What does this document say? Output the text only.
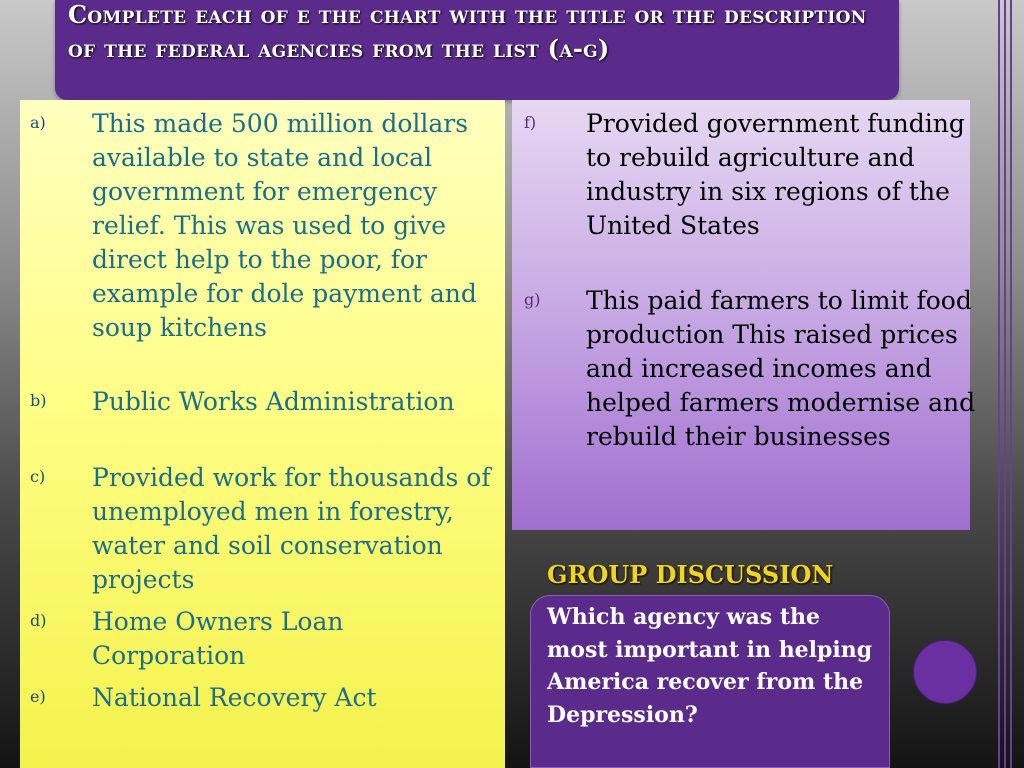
Complete each of e the chart with the title or the description of the federal agencies from the list (a-g)
a) This made 500 million dollars available to state and local government for emergency relief. This was used to give direct help to the poor, for example for dole payment and soup kitchens
b) Public Works Administration
c) Provided work for thousands of unemployed men in forestry, water and soil conservation projects
d) Home Owners Loan Corporation
e) National Recovery Act
f) Provided government funding to rebuild agriculture and industry in six regions of the United States
g) This paid farmers to limit food production This raised prices and increased incomes and helped farmers modernise and rebuild their businesses
GROUP DISCUSSION
Which agency was the most important in helping America recover from the Depression?
